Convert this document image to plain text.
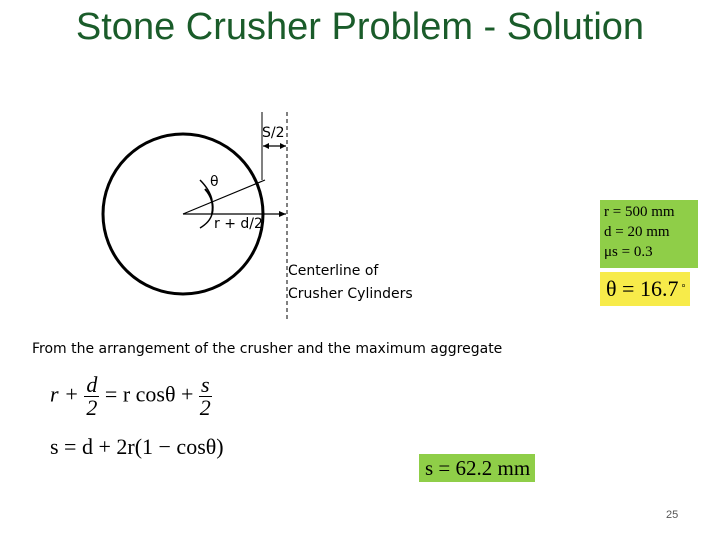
Stone Crusher Problem - Solution
S/2
θ
r + d/2
Centerline of
Crusher Cylinders
r = 500 mm
d = 20 mm
μs = 0.3
θ = 16.7 °
From the arrangement of the crusher and the maximum aggregate
$r + \frac{d}{2} = r$ $\cos\theta + \frac{s}{2}$
s = d + 2r(1 − cosθ)
s = 62.2 mm
25
